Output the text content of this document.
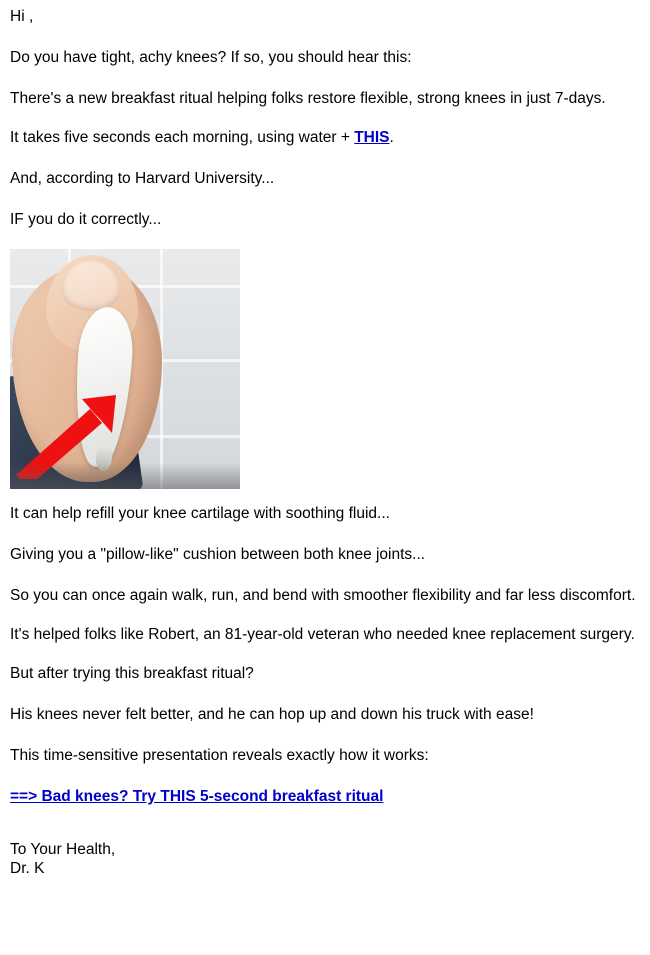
Hi ,

Do you have tight, achy knees? If so, you should hear this:

There's a new breakfast ritual helping folks restore flexible, strong knees in just 7-days.

It takes five seconds each morning, using water + THIS.

And, according to Harvard University...

IF you do it correctly...

It can help refill your knee cartilage with soothing fluid...

Giving you a "pillow-like" cushion between both knee joints...

So you can once again walk, run, and bend with smoother flexibility and far less discomfort.

It's helped folks like Robert, an 81-year-old veteran who needed knee replacement surgery.

But after trying this breakfast ritual?

His knees never felt better, and he can hop up and down his truck with ease!

This time-sensitive presentation reveals exactly how it works:

==> Bad knees? Try THIS 5-second breakfast ritual

To Your Health,

Dr. K
